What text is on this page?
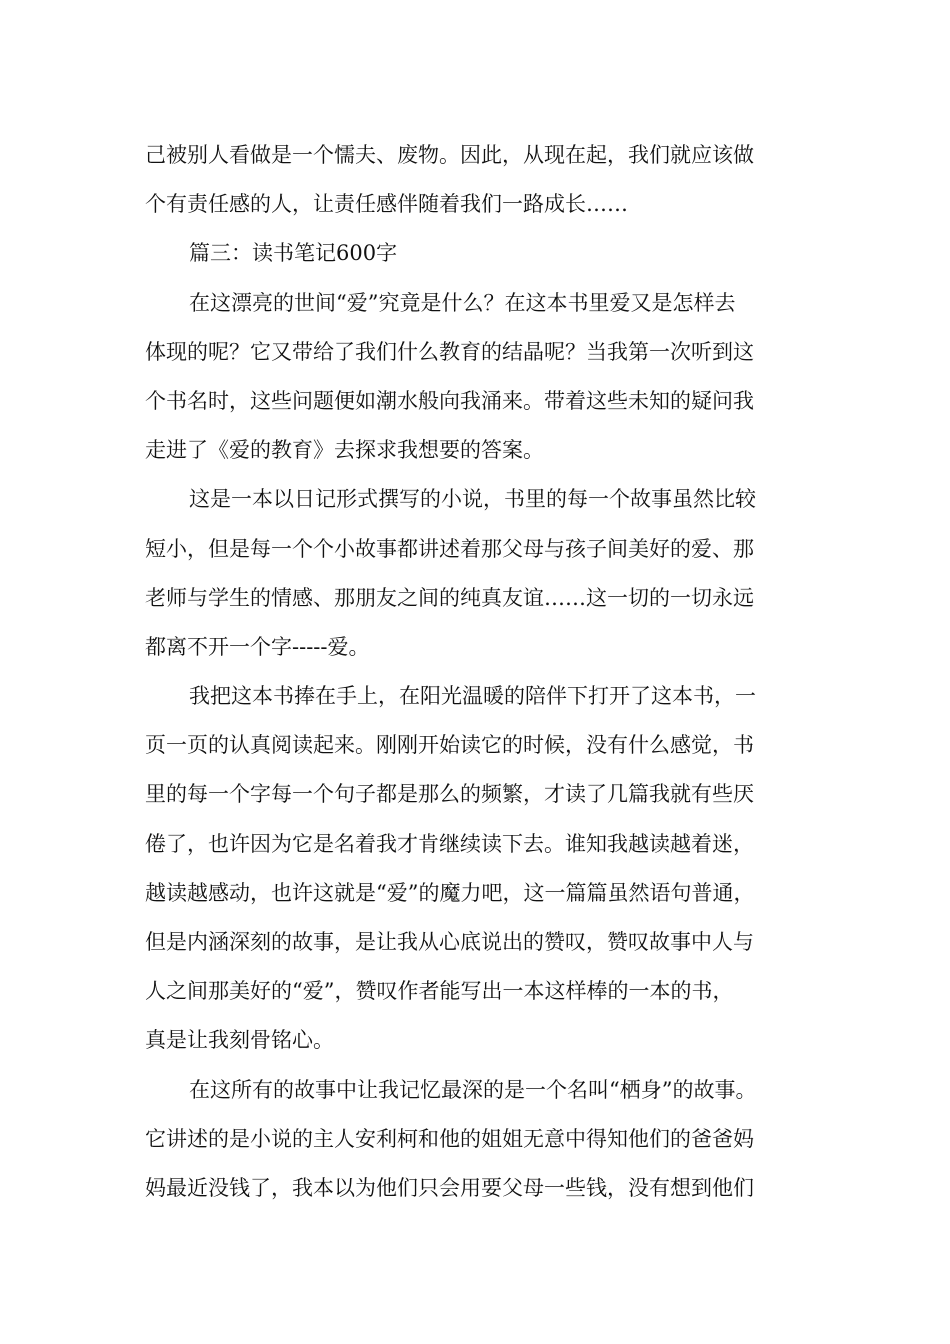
己被别人看做是一个懦夫、废物。因此，从现在起，我们就应该做
个有责任感的人，让责任感伴随着我们一路成长……
篇三：读书笔记600字
在这漂亮的世间“爱”究竟是什么？在这本书里爱又是怎样去
体现的呢？它又带给了我们什么教育的结晶呢？当我第一次听到这
个书名时，这些问题便如潮水般向我涌来。带着这些未知的疑问我
走进了《爱的教育》去探求我想要的答案。
这是一本以日记形式撰写的小说，书里的每一个故事虽然比较
短小，但是每一个个小故事都讲述着那父母与孩子间美好的爱、那
老师与学生的情感、那朋友之间的纯真友谊……这一切的一切永远
都离不开一个字-----爱。
我把这本书捧在手上，在阳光温暖的陪伴下打开了这本书，一
页一页的认真阅读起来。刚刚开始读它的时候，没有什么感觉，书
里的每一个字每一个句子都是那么的频繁，才读了几篇我就有些厌
倦了，也许因为它是名着我才肯继续读下去。谁知我越读越着迷，
越读越感动，也许这就是“爱”的魔力吧，这一篇篇虽然语句普通，
但是内涵深刻的故事，是让我从心底说出的赞叹，赞叹故事中人与
人之间那美好的“爱”，赞叹作者能写出一本这样棒的一本的书，
真是让我刻骨铭心。
在这所有的故事中让我记忆最深的是一个名叫“栖身”的故事。
它讲述的是小说的主人安利柯和他的姐姐无意中得知他们的爸爸妈
妈最近没钱了，我本以为他们只会用要父母一些钱，没有想到他们
